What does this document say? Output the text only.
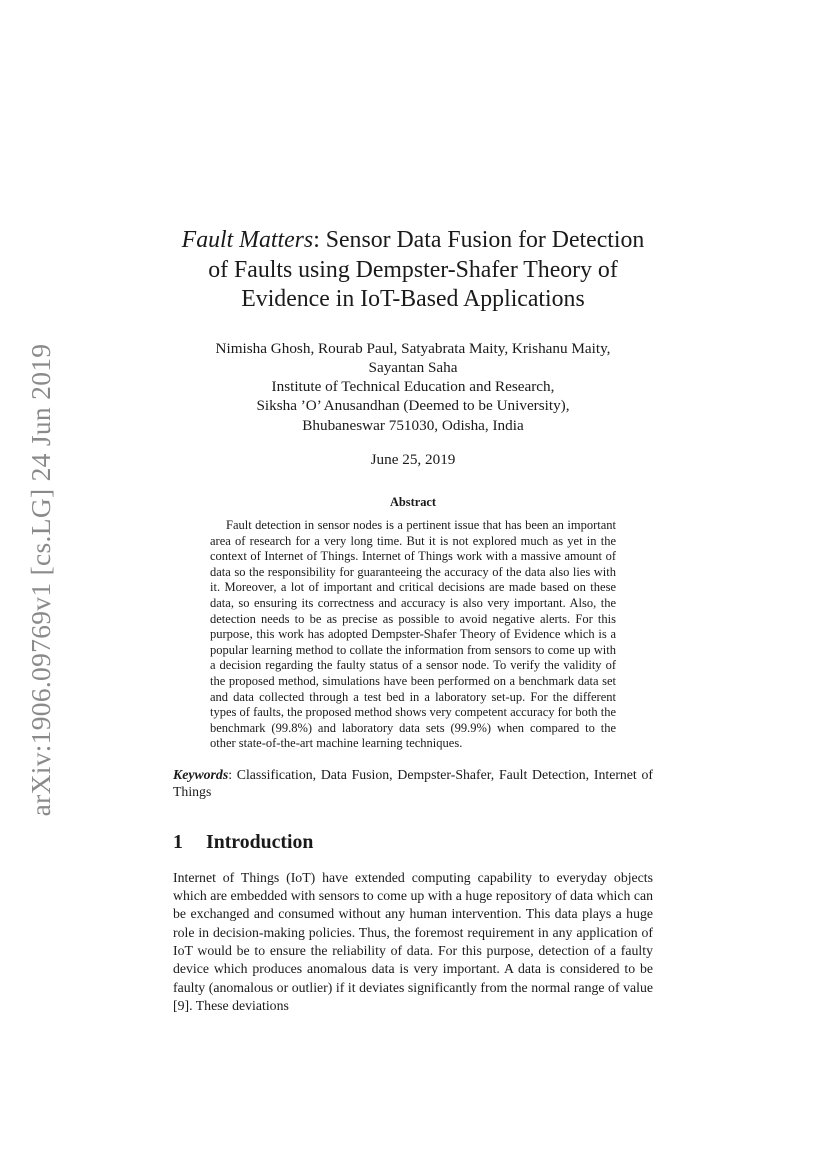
arXiv:1906.09769v1 [cs.LG] 24 Jun 2019
Fault Matters: Sensor Data Fusion for Detection of Faults using Dempster-Shafer Theory of Evidence in IoT-Based Applications
Nimisha Ghosh, Rourab Paul, Satyabrata Maity, Krishanu Maity,
Sayantan Saha
Institute of Technical Education and Research,
Siksha ’O’ Anusandhan (Deemed to be University),
Bhubaneswar 751030, Odisha, India
June 25, 2019
Abstract
Fault detection in sensor nodes is a pertinent issue that has been an important area of research for a very long time. But it is not explored much as yet in the context of Internet of Things. Internet of Things work with a massive amount of data so the responsibility for guaranteeing the accuracy of the data also lies with it. Moreover, a lot of important and critical decisions are made based on these data, so ensuring its correctness and accuracy is also very important. Also, the detection needs to be as precise as possible to avoid negative alerts. For this purpose, this work has adopted Dempster-Shafer Theory of Evidence which is a popular learning method to collate the information from sensors to come up with a decision regarding the faulty status of a sensor node. To verify the validity of the proposed method, simulations have been performed on a benchmark data set and data collected through a test bed in a laboratory set-up. For the different types of faults, the proposed method shows very competent accuracy for both the benchmark (99.8%) and laboratory data sets (99.9%) when compared to the other state-of-the-art machine learning techniques.
Keywords: Classification, Data Fusion, Dempster-Shafer, Fault Detection, Internet of Things
1 Introduction
Internet of Things (IoT) have extended computing capability to everyday objects which are embedded with sensors to come up with a huge repository of data which can be exchanged and consumed without any human intervention. This data plays a huge role in decision-making policies. Thus, the foremost requirement in any application of IoT would be to ensure the reliability of data. For this purpose, detection of a faulty device which produces anomalous data is very important. A data is considered to be faulty (anomalous or outlier) if it deviates significantly from the normal range of value [9]. These deviations
